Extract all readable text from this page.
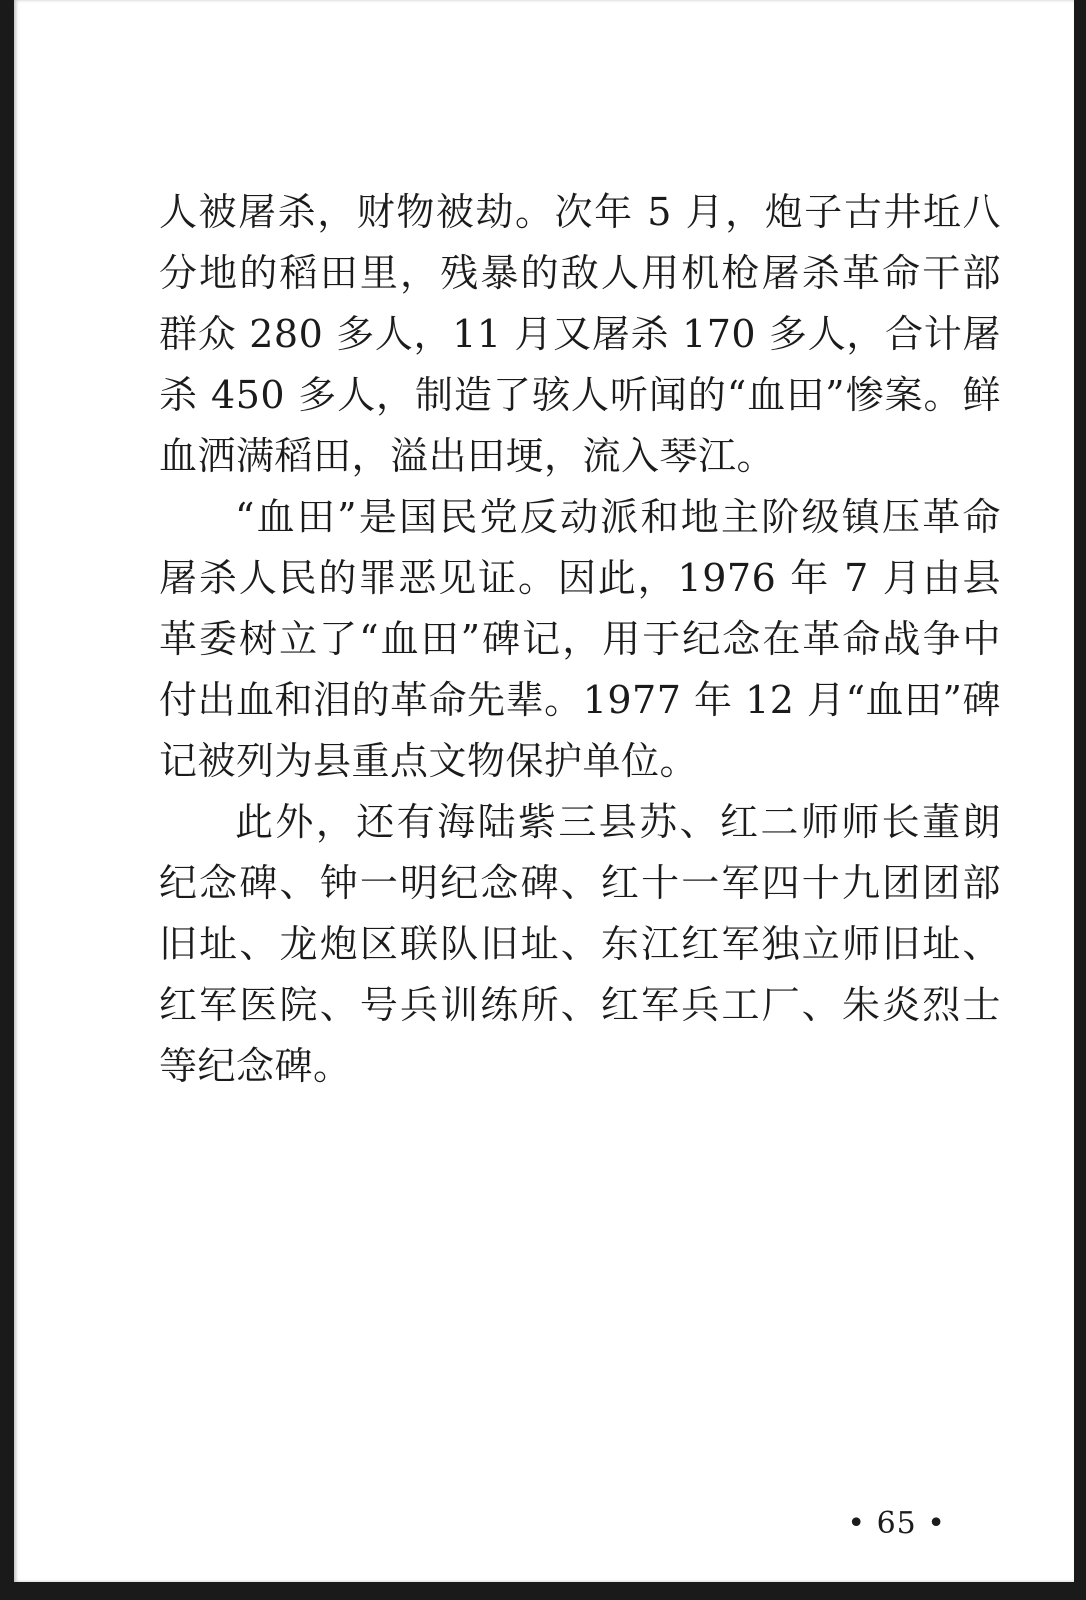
人被屠杀，财物被劫。次年 5 月，炮子古井坵八分地的稻田里，残暴的敌人用机枪屠杀革命干部群众 280 多人，11 月又屠杀 170 多人，合计屠杀 450 多人，制造了骇人听闻的“血田”惨案。鲜血洒满稻田，溢出田埂，流入琴江。

“血田”是国民党反动派和地主阶级镇压革命屠杀人民的罪恶见证。因此，1976 年 7 月由县革委树立了“血田”碑记，用于纪念在革命战争中付出血和泪的革命先辈。1977 年 12 月“血田”碑记被列为县重点文物保护单位。

此外，还有海陆紫三县苏、红二师师长董朗纪念碑、钟一明纪念碑、红十一军四十九团团部旧址、龙炮区联队旧址、东江红军独立师旧址、红军医院、号兵训练所、红军兵工厂、朱炎烈士等纪念碑。

• 65 •
